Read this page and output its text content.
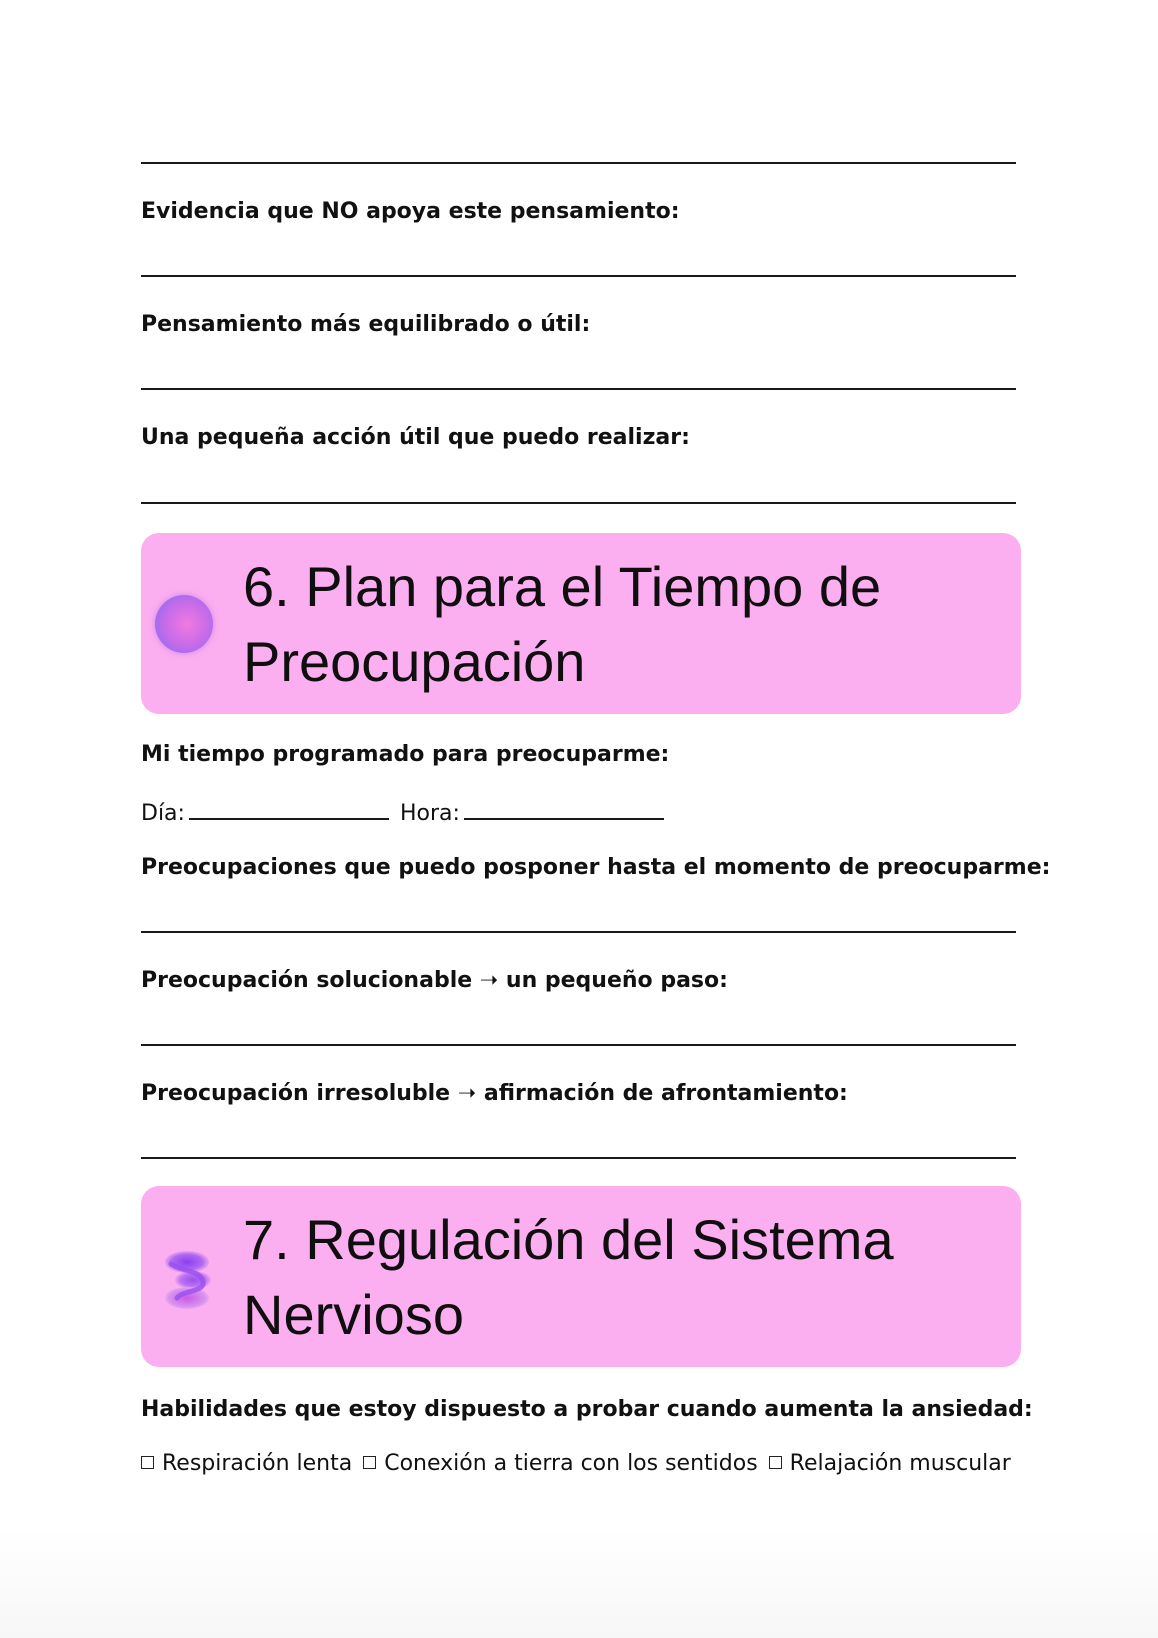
Evidencia que NO apoya este pensamiento:
Pensamiento más equilibrado o útil:
Una pequeña acción útil que puedo realizar:
6. Plan para el Tiempo de
Preocupación
Mi tiempo programado para preocuparme:
Día:	Hora:
Preocupaciones que puedo posponer hasta el momento de preocuparme:
Preocupación solucionable ➝ un pequeño paso:
Preocupación irresoluble ➝ afirmación de afrontamiento:
7. Regulación del Sistema
Nervioso
Habilidades que estoy dispuesto a probar cuando aumenta la ansiedad:
Respiración lenta Conexión a tierra con los sentidos Relajación muscular
